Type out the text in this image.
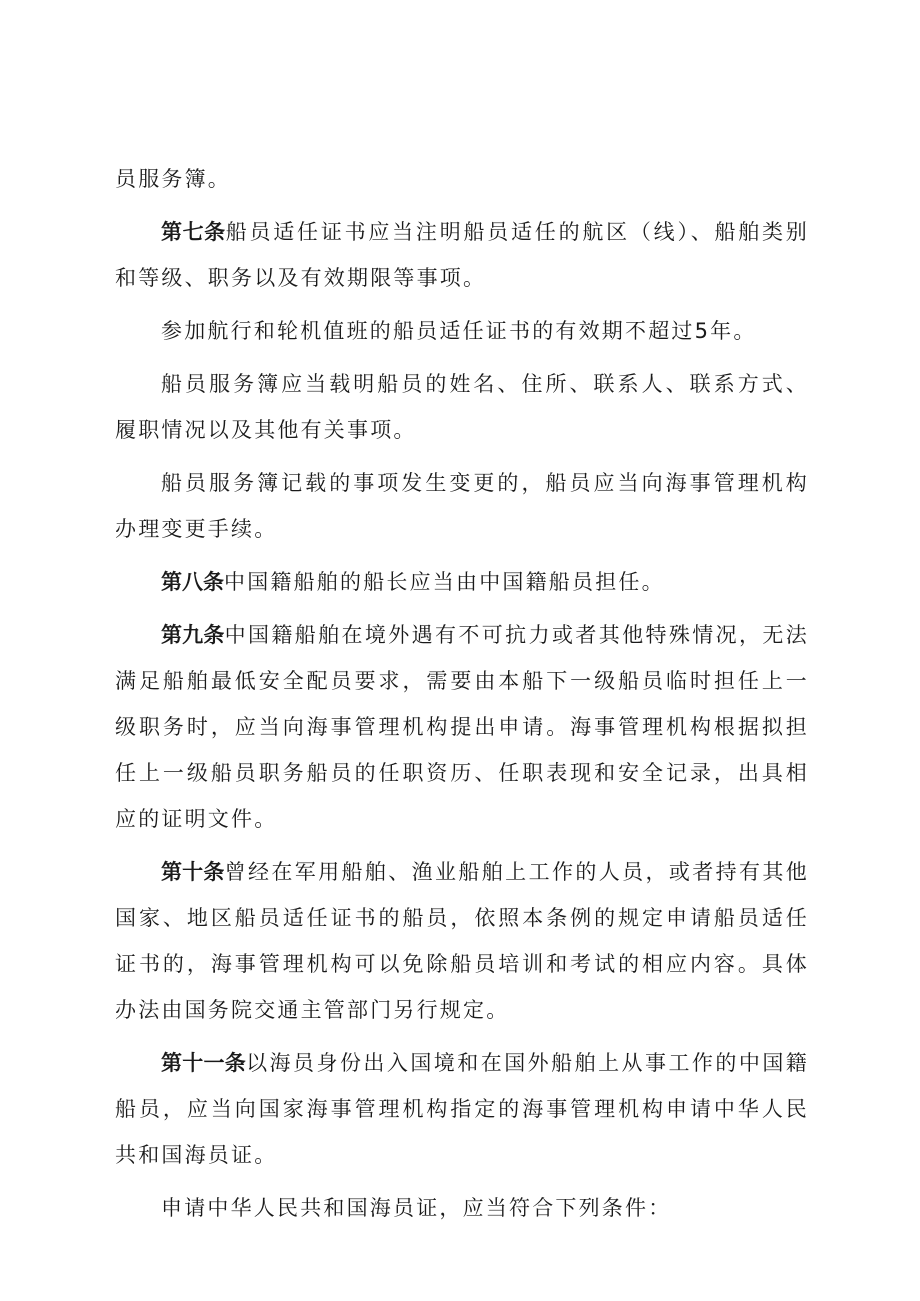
员服务簿。

第七条船员适任证书应当注明船员适任的航区（线）、船舶类别和等级、职务以及有效期限等事项。

参加航行和轮机值班的船员适任证书的有效期不超过5年。

船员服务簿应当载明船员的姓名、住所、联系人、联系方式、履职情况以及其他有关事项。

船员服务簿记载的事项发生变更的，船员应当向海事管理机构办理变更手续。

第八条中国籍船舶的船长应当由中国籍船员担任。

第九条中国籍船舶在境外遇有不可抗力或者其他特殊情况，无法满足船舶最低安全配员要求，需要由本船下一级船员临时担任上一级职务时，应当向海事管理机构提出申请。海事管理机构根据拟担任上一级船员职务船员的任职资历、任职表现和安全记录，出具相应的证明文件。

第十条曾经在军用船舶、渔业船舶上工作的人员，或者持有其他国家、地区船员适任证书的船员，依照本条例的规定申请船员适任证书的，海事管理机构可以免除船员培训和考试的相应内容。具体办法由国务院交通主管部门另行规定。

第十一条以海员身份出入国境和在国外船舶上从事工作的中国籍船员，应当向国家海事管理机构指定的海事管理机构申请中华人民共和国海员证。

申请中华人民共和国海员证，应当符合下列条件：
